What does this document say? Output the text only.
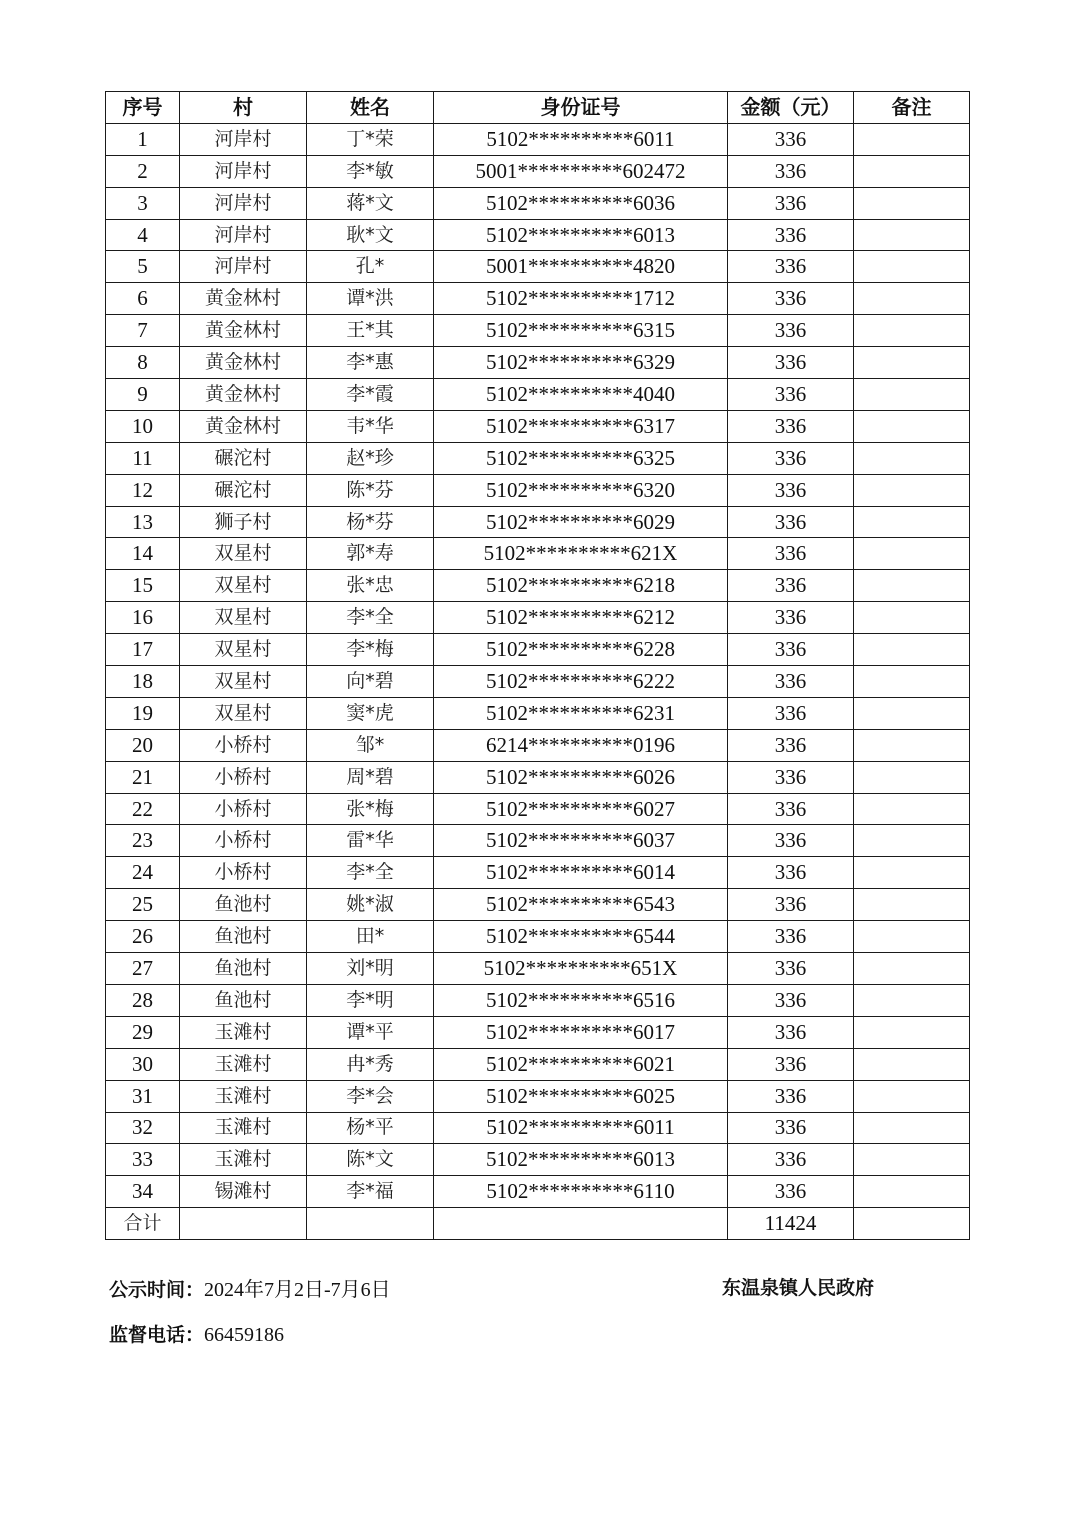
序号	村	姓名	身份证号	金额（元）	备注
1	河岸村	丁*荣	5102**********6011	336	
2	河岸村	李*敏	5001**********602472	336	
3	河岸村	蒋*文	5102**********6036	336	
4	河岸村	耿*文	5102**********6013	336	
5	河岸村	孔*	5001**********4820	336	
6	黄金林村	谭*洪	5102**********1712	336	
7	黄金林村	王*其	5102**********6315	336	
8	黄金林村	李*惠	5102**********6329	336	
9	黄金林村	李*霞	5102**********4040	336	
10	黄金林村	韦*华	5102**********6317	336	
11	碾沱村	赵*珍	5102**********6325	336	
12	碾沱村	陈*芬	5102**********6320	336	
13	狮子村	杨*芬	5102**********6029	336	
14	双星村	郭*寿	5102**********621X	336	
15	双星村	张*忠	5102**********6218	336	
16	双星村	李*全	5102**********6212	336	
17	双星村	李*梅	5102**********6228	336	
18	双星村	向*碧	5102**********6222	336	
19	双星村	窦*虎	5102**********6231	336	
20	小桥村	邹*	6214**********0196	336	
21	小桥村	周*碧	5102**********6026	336	
22	小桥村	张*梅	5102**********6027	336	
23	小桥村	雷*华	5102**********6037	336	
24	小桥村	李*全	5102**********6014	336	
25	鱼池村	姚*淑	5102**********6543	336	
26	鱼池村	田*	5102**********6544	336	
27	鱼池村	刘*明	5102**********651X	336	
28	鱼池村	李*明	5102**********6516	336	
29	玉滩村	谭*平	5102**********6017	336	
30	玉滩村	冉*秀	5102**********6021	336	
31	玉滩村	李*会	5102**********6025	336	
32	玉滩村	杨*平	5102**********6011	336	
33	玉滩村	陈*文	5102**********6013	336	
34	锡滩村	李*福	5102**********6110	336	
合计				11424	
公示时间：2024年7月2日-7月6日	东温泉镇人民政府
监督电话：66459186
